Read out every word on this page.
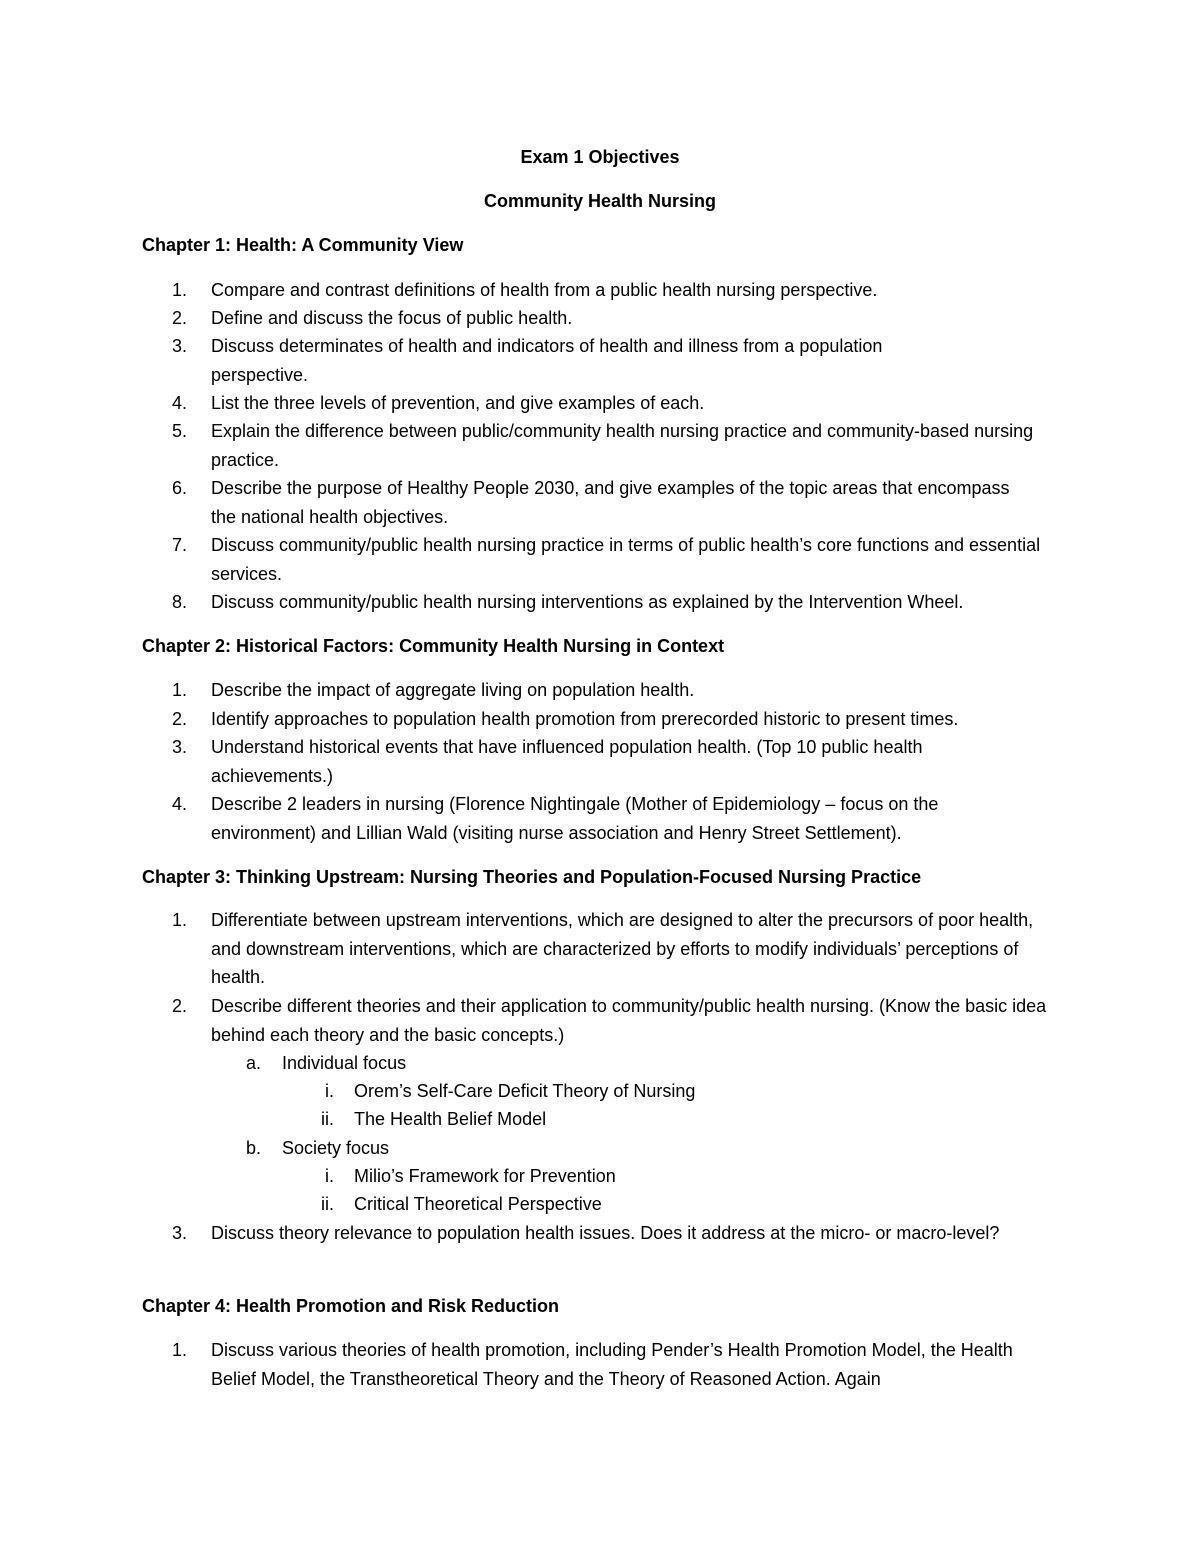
Exam 1 Objectives
Community Health Nursing
Chapter 1: Health: A Community View
1. Compare and contrast definitions of health from a public health nursing perspective.
2. Define and discuss the focus of public health.
3. Discuss determinates of health and indicators of health and illness from a population perspective.
4. List the three levels of prevention, and give examples of each.
5. Explain the difference between public/community health nursing practice and community-based nursing practice.
6. Describe the purpose of Healthy People 2030, and give examples of the topic areas that encompass the national health objectives.
7. Discuss community/public health nursing practice in terms of public health’s core functions and essential services.
8. Discuss community/public health nursing interventions as explained by the Intervention Wheel.
Chapter 2: Historical Factors: Community Health Nursing in Context
1. Describe the impact of aggregate living on population health.
2. Identify approaches to population health promotion from prerecorded historic to present times.
3. Understand historical events that have influenced population health. (Top 10 public health achievements.)
4. Describe 2 leaders in nursing (Florence Nightingale (Mother of Epidemiology – focus on the environment) and Lillian Wald (visiting nurse association and Henry Street Settlement).
Chapter 3: Thinking Upstream: Nursing Theories and Population-Focused Nursing Practice
1. Differentiate between upstream interventions, which are designed to alter the precursors of poor health, and downstream interventions, which are characterized by efforts to modify individuals’ perceptions of health.
2. Describe different theories and their application to community/public health nursing. (Know the basic idea behind each theory and the basic concepts.)
a. Individual focus
i. Orem’s Self-Care Deficit Theory of Nursing
ii. The Health Belief Model
b. Society focus
i. Milio’s Framework for Prevention
ii. Critical Theoretical Perspective
3. Discuss theory relevance to population health issues. Does it address at the micro- or macro-level?
Chapter 4: Health Promotion and Risk Reduction
1. Discuss various theories of health promotion, including Pender’s Health Promotion Model, the Health Belief Model, the Transtheoretical Theory and the Theory of Reasoned Action. Again
